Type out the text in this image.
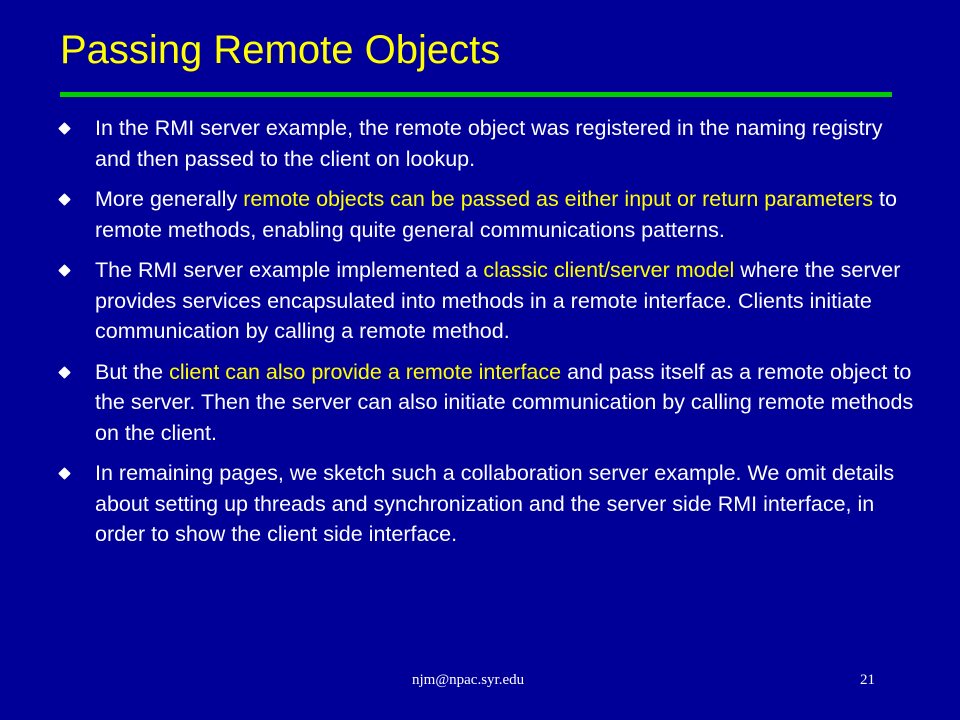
Passing Remote Objects
In the RMI server example, the remote object was registered in the naming registry and then passed to the client on lookup.
More generally remote objects can be passed as either input or return parameters to remote methods, enabling quite general communications patterns.
The RMI server example implemented a classic client/server model where the server provides services encapsulated into methods in a remote interface. Clients initiate communication by calling a remote method.
But the client can also provide a remote interface and pass itself as a remote object to the server. Then the server can also initiate communication by calling remote methods on the client.
In remaining pages, we sketch such a collaboration server example. We omit details about setting up threads and synchronization and the server side RMI interface, in order to show the client side interface.
njm@npac.syr.edu	21
